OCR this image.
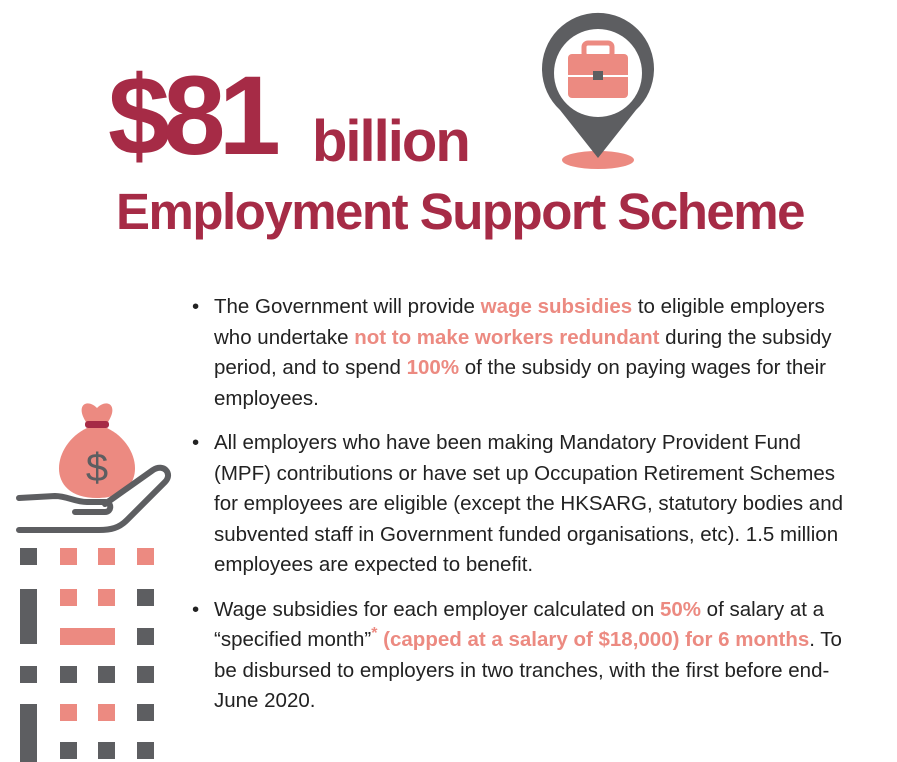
$81 billion
Employment Support Scheme
$
• The Government will provide wage subsidies to eligible employers who undertake not to make workers redundant during the subsidy period, and to spend 100% of the subsidy on paying wages for their employees.
• All employers who have been making Mandatory Provident Fund (MPF) contributions or have set up Occupation Retirement Schemes for employees are eligible (except the HKSARG, statutory bodies and subvented staff in Government funded organisations, etc). 1.5 million employees are expected to benefit.
• Wage subsidies for each employer calculated on 50% of salary at a “specified month”* (capped at a salary of $18,000) for 6 months. To be disbursed to employers in two tranches, with the first before end-June 2020.
